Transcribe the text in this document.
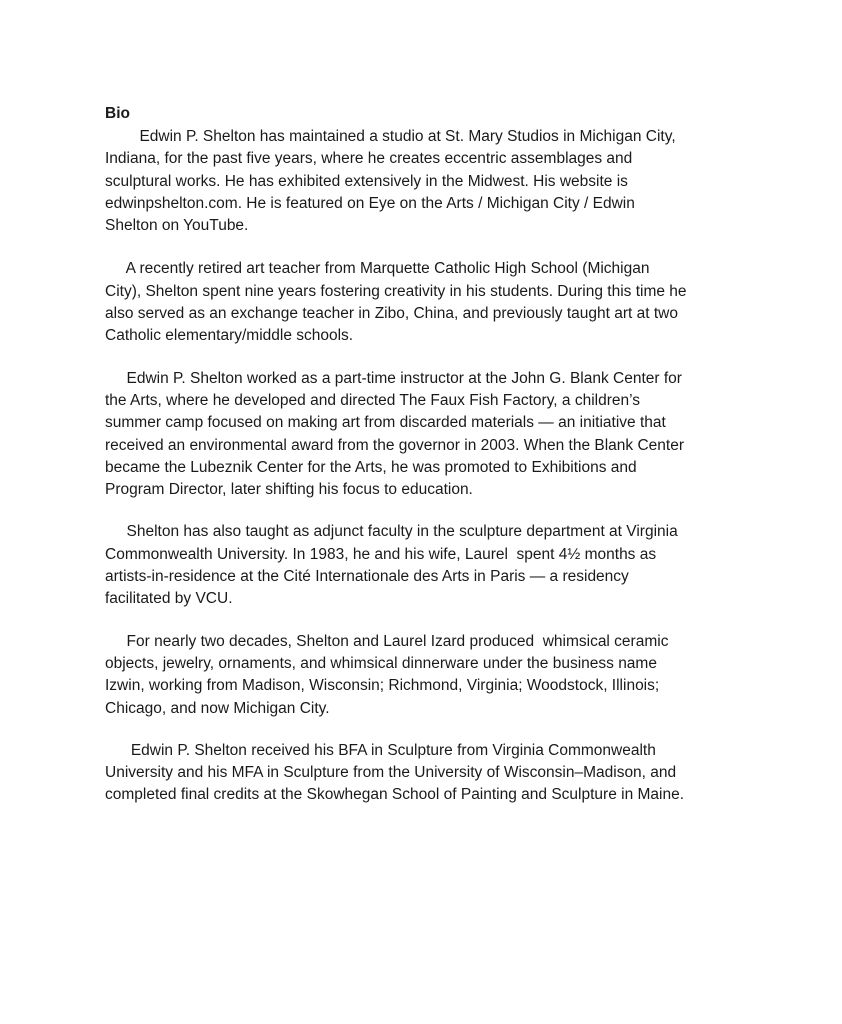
Bio

Edwin P. Shelton has maintained a studio at St. Mary Studios in Michigan City,
Indiana, for the past five years, where he creates eccentric assemblages and
sculptural works. He has exhibited extensively in the Midwest. His website is
edwinpshelton.com. He is featured on Eye on the Arts / Michigan City / Edwin
Shelton on YouTube.

A recently retired art teacher from Marquette Catholic High School (Michigan
City), Shelton spent nine years fostering creativity in his students. During this time he
also served as an exchange teacher in Zibo, China, and previously taught art at two
Catholic elementary/middle schools.

Edwin P. Shelton worked as a part-time instructor at the John G. Blank Center for
the Arts, where he developed and directed The Faux Fish Factory, a children’s
summer camp focused on making art from discarded materials — an initiative that
received an environmental award from the governor in 2003. When the Blank Center
became the Lubeznik Center for the Arts, he was promoted to Exhibitions and
Program Director, later shifting his focus to education.

Shelton has also taught as adjunct faculty in the sculpture department at Virginia
Commonwealth University. In 1983, he and his wife, Laurel  spent 4½ months as
artists-in-residence at the Cité Internationale des Arts in Paris — a residency
facilitated by VCU.

For nearly two decades, Shelton and Laurel Izard produced  whimsical ceramic
objects, jewelry, ornaments, and whimsical dinnerware under the business name
Izwin, working from Madison, Wisconsin; Richmond, Virginia; Woodstock, Illinois;
Chicago, and now Michigan City.

Edwin P. Shelton received his BFA in Sculpture from Virginia Commonwealth
University and his MFA in Sculpture from the University of Wisconsin–Madison, and
completed final credits at the Skowhegan School of Painting and Sculpture in Maine.
